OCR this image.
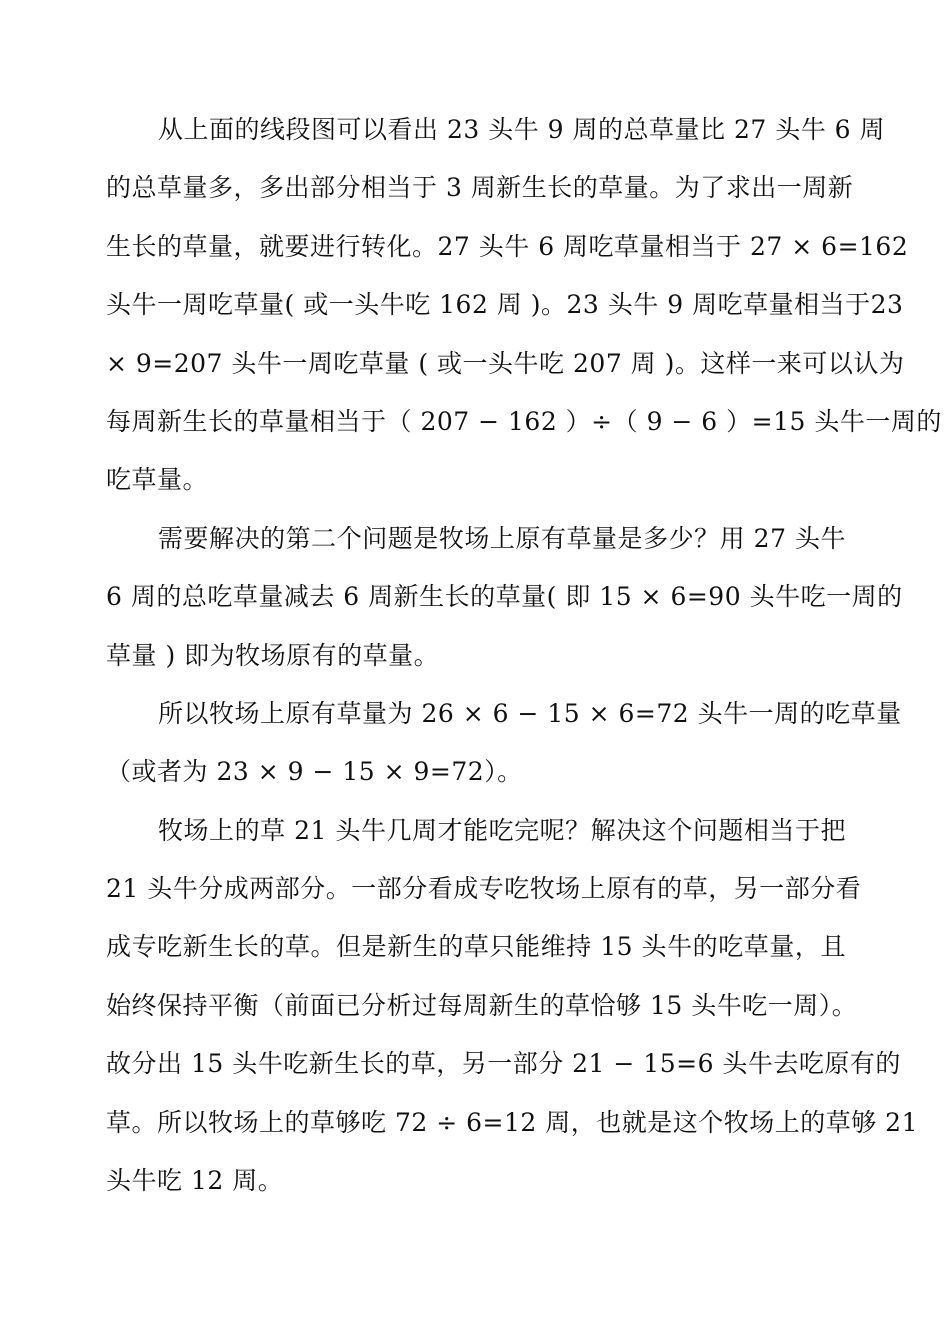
从上面的线段图可以看出 23 头牛 9 周的总草量比 27 头牛 6 周
的总草量多，多出部分相当于 3 周新生长的草量。为了求出一周新
生长的草量，就要进行转化。27 头牛 6 周吃草量相当于 27 × 6=162
头牛一周吃草量( 或一头牛吃 162 周 )。23 头牛 9 周吃草量相当于23
× 9=207 头牛一周吃草量 ( 或一头牛吃 207 周 )。这样一来可以认为
每周新生长的草量相当于（ 207 − 162 ）÷（ 9 − 6 ）=15 头牛一周的
吃草量。
需要解决的第二个问题是牧场上原有草量是多少？用 27 头牛
6 周的总吃草量减去 6 周新生长的草量( 即 15 × 6=90 头牛吃一周的
草量 ) 即为牧场原有的草量。
所以牧场上原有草量为 26 × 6 − 15 × 6=72 头牛一周的吃草量
（或者为 23 × 9 − 15 × 9=72）。
牧场上的草 21 头牛几周才能吃完呢？解决这个问题相当于把
21 头牛分成两部分。一部分看成专吃牧场上原有的草，另一部分看
成专吃新生长的草。但是新生的草只能维持 15 头牛的吃草量，且
始终保持平衡（前面已分析过每周新生的草恰够 15 头牛吃一周）。
故分出 15 头牛吃新生长的草，另一部分 21 − 15=6 头牛去吃原有的
草。所以牧场上的草够吃 72 ÷ 6=12 周，也就是这个牧场上的草够 21
头牛吃 12 周。
